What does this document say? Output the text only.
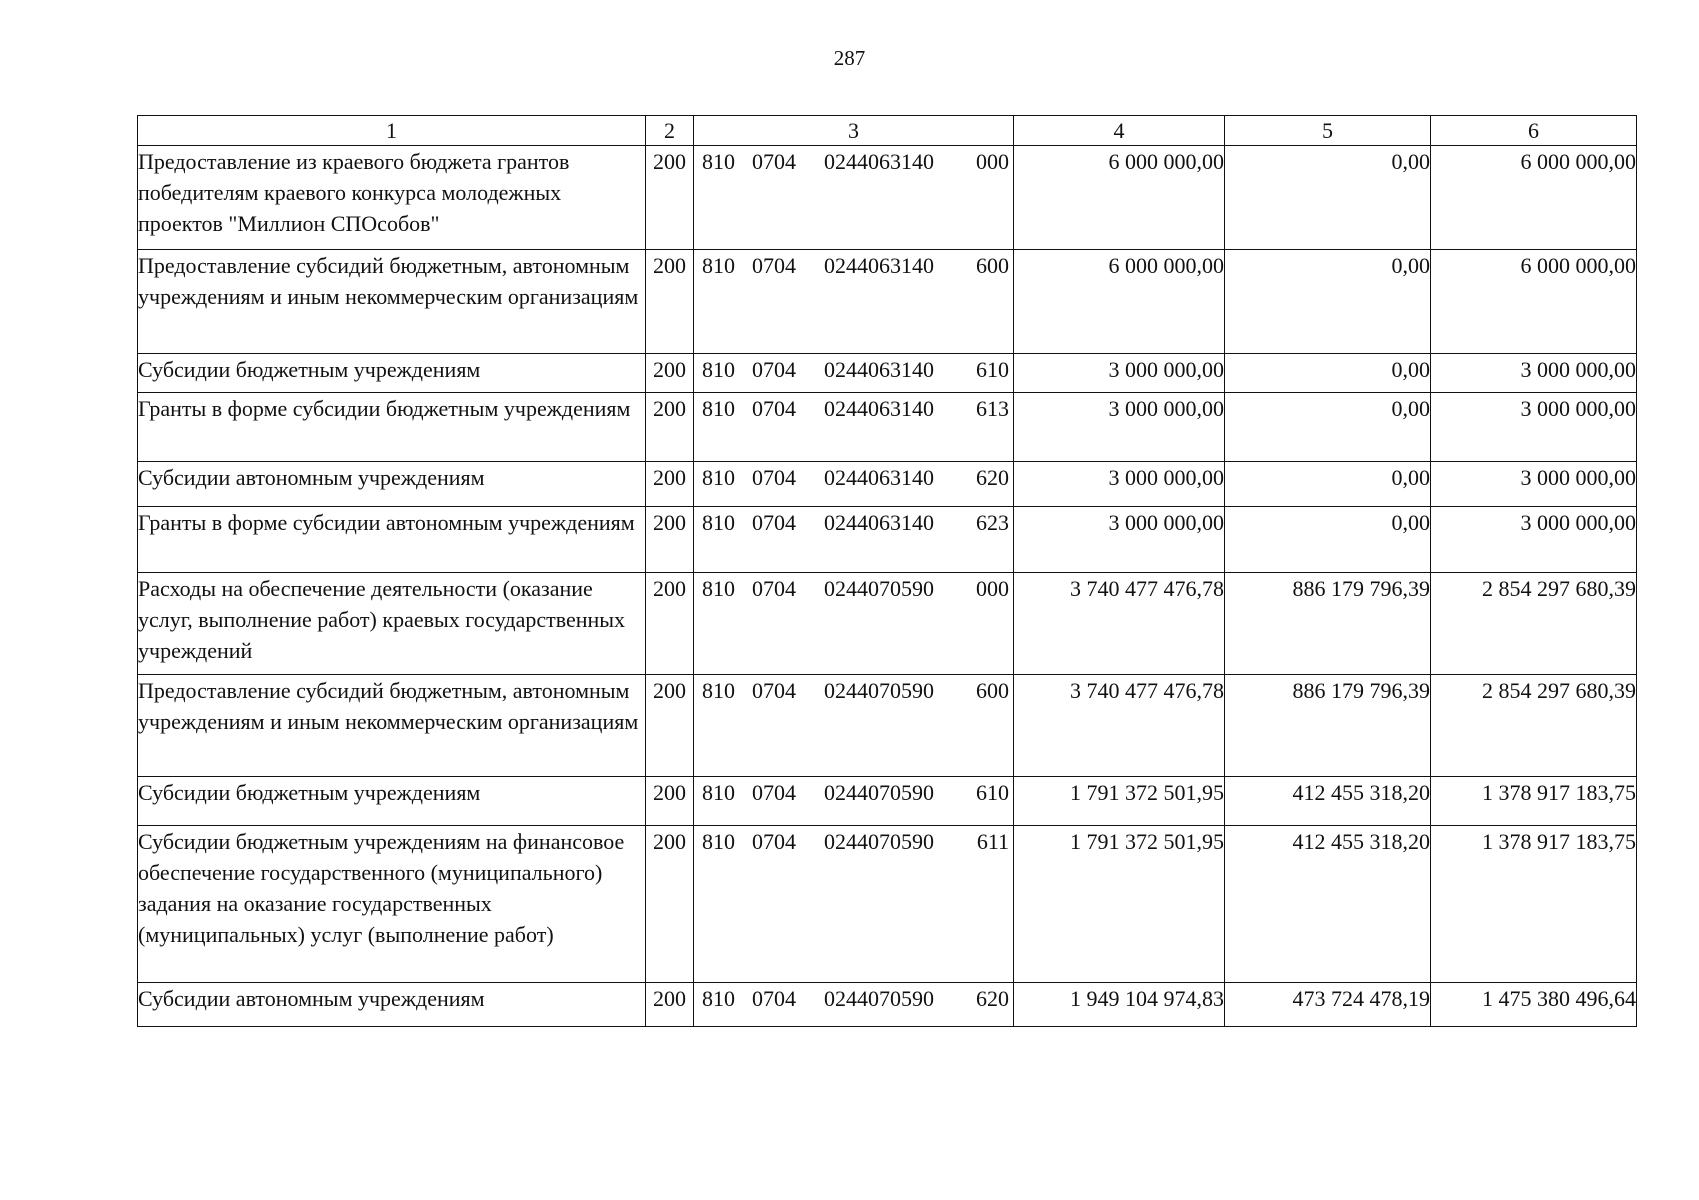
287
1	2	3	4	5	6
Предоставление из краевого бюджета грантов победителям краевого конкурса молодежных проектов "Миллион СПОсобов"	200	810 0704 0244063140 000	6 000 000,00	0,00	6 000 000,00
Предоставление субсидий бюджетным, автономным учреждениям и иным некоммерческим организациям	200	810 0704 0244063140 600	6 000 000,00	0,00	6 000 000,00
Субсидии бюджетным учреждениям	200	810 0704 0244063140 610	3 000 000,00	0,00	3 000 000,00
Гранты в форме субсидии бюджетным учреждениям	200	810 0704 0244063140 613	3 000 000,00	0,00	3 000 000,00
Субсидии автономным учреждениям	200	810 0704 0244063140 620	3 000 000,00	0,00	3 000 000,00
Гранты в форме субсидии автономным учреждениям	200	810 0704 0244063140 623	3 000 000,00	0,00	3 000 000,00
Расходы на обеспечение деятельности (оказание услуг, выполнение работ) краевых государственных учреждений	200	810 0704 0244070590 000	3 740 477 476,78	886 179 796,39	2 854 297 680,39
Предоставление субсидий бюджетным, автономным учреждениям и иным некоммерческим организациям	200	810 0704 0244070590 600	3 740 477 476,78	886 179 796,39	2 854 297 680,39
Субсидии бюджетным учреждениям	200	810 0704 0244070590 610	1 791 372 501,95	412 455 318,20	1 378 917 183,75
Субсидии бюджетным учреждениям на финансовое обеспечение государственного (муниципального) задания на оказание государственных (муниципальных) услуг (выполнение работ)	200	810 0704 0244070590 611	1 791 372 501,95	412 455 318,20	1 378 917 183,75
Субсидии автономным учреждениям	200	810 0704 0244070590 620	1 949 104 974,83	473 724 478,19	1 475 380 496,64
